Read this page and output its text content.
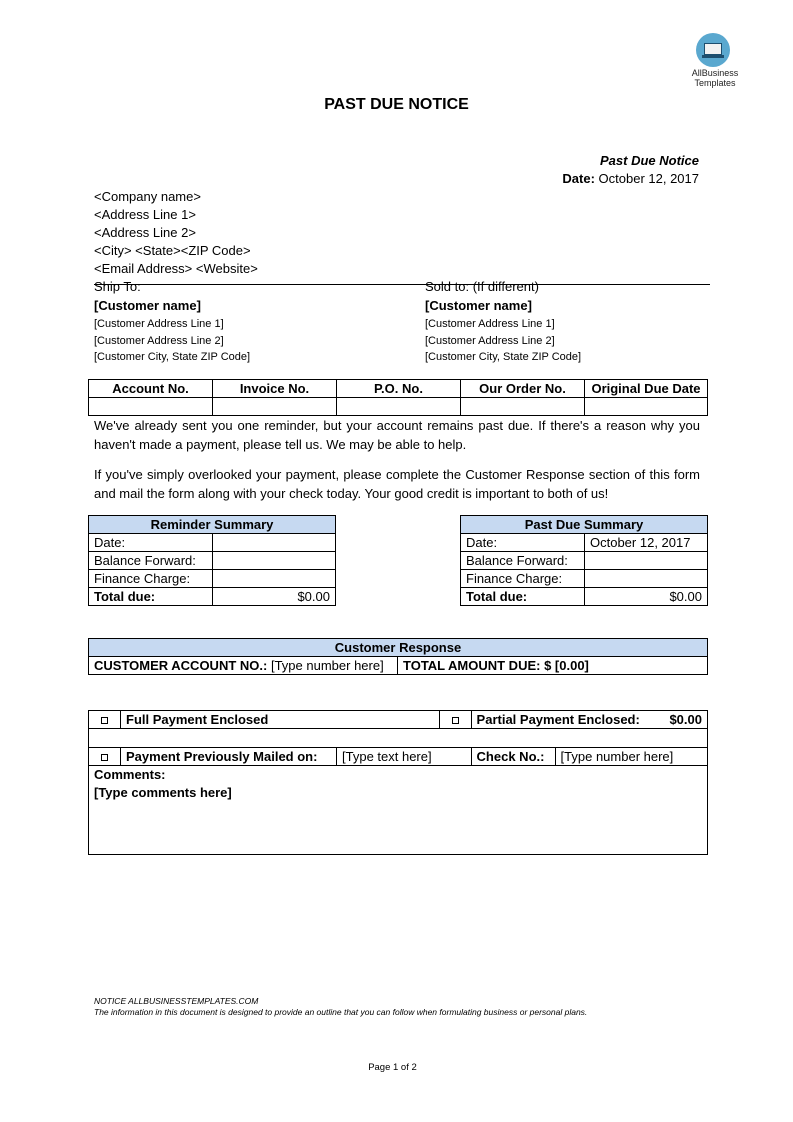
AllBusiness
Templates
PAST DUE NOTICE
Past Due Notice
Date: October 12, 2017
<Company name>
<Address Line 1>
<Address Line 2>
<City> <State><ZIP Code>
<Email Address> <Website>
Ship To:
[Customer name]
[Customer Address Line 1]
[Customer Address Line 2]
[Customer City, State ZIP Code]
Sold to: (If different)
[Customer name]
[Customer Address Line 1]
[Customer Address Line 2]
[Customer City, State ZIP Code]
Account No.	Invoice No.	P.O. No.	Our Order No.	Original Due Date

We've already sent you one reminder, but your account remains past due. If there's a reason why you haven't made a payment, please tell us. We may be able to help.
If you've simply overlooked your payment, please complete the Customer Response section of this form and mail the form along with your check today. Your good credit is important to both of us!
Reminder Summary	
Date:	
Balance Forward:	
Finance Charge:	
Total due:	$0.00
Past Due Summary	
Date:	October 12, 2017
Balance Forward:	
Finance Charge:	
Total due:	$0.00
Customer Response
CUSTOMER ACCOUNT NO.: [Type number here]	TOTAL AMOUNT DUE: $ [0.00]
	Full Payment Enclosed			Partial Payment Enclosed: $0.00	

	Payment Previously Mailed on:	[Type text here]		Check No.:	[Type number here]

Comments:
[Type comments here]					
NOTICE ALLBUSINESSTEMPLATES.COM
The information in this document is designed to provide an outline that you can follow when formulating business or personal plans.
Page 1 of 2
